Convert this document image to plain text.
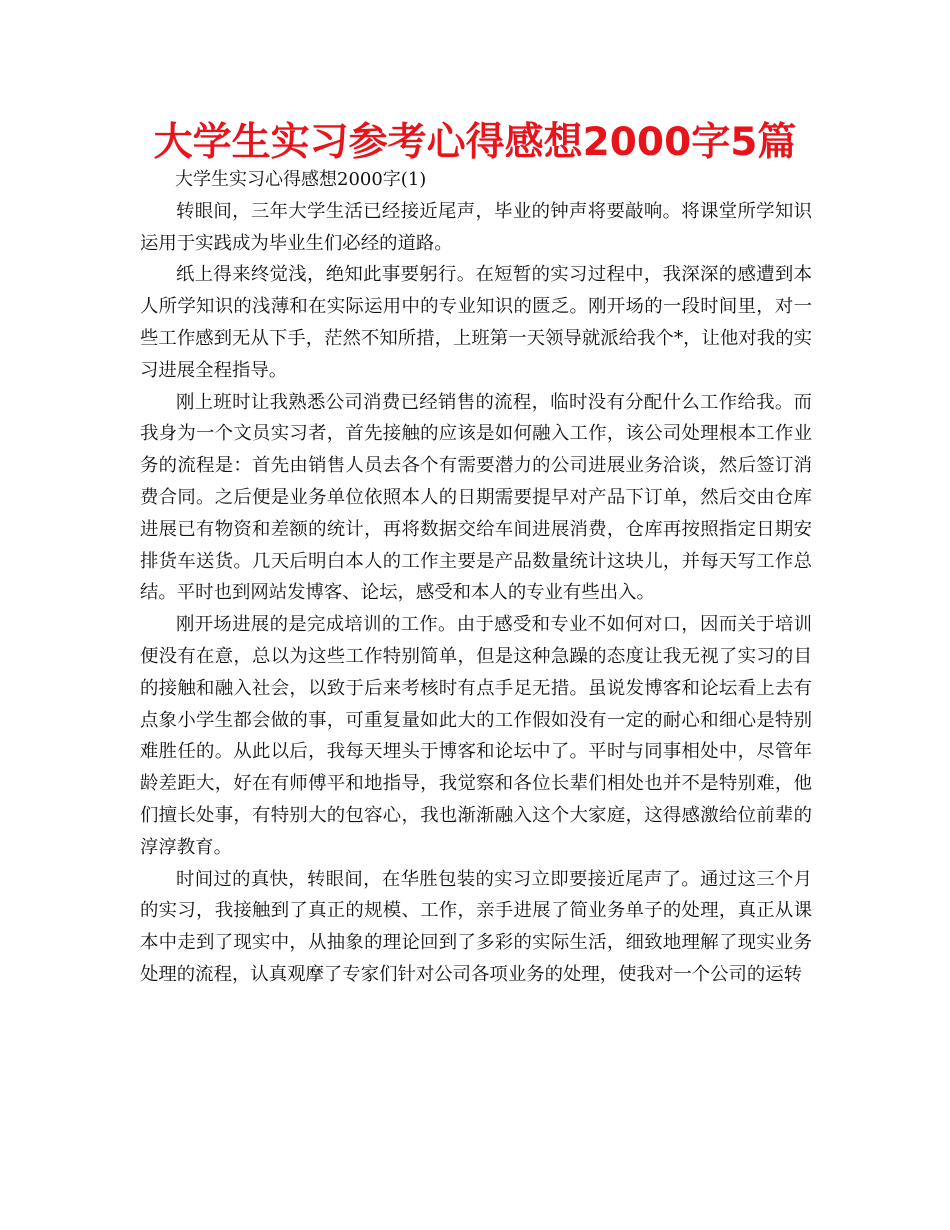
大学生实习参考心得感想2000字5篇

大学生实习心得感想2000字(1)

转眼间，三年大学生活已经接近尾声，毕业的钟声将要敲响。将课堂所学知识运用于实践成为毕业生们必经的道路。

纸上得来终觉浅，绝知此事要躬行。在短暂的实习过程中，我深深的感遭到本人所学知识的浅薄和在实际运用中的专业知识的匮乏。刚开场的一段时间里，对一些工作感到无从下手，茫然不知所措，上班第一天领导就派给我个*，让他对我的实习进展全程指导。

刚上班时让我熟悉公司消费已经销售的流程，临时没有分配什么工作给我。而我身为一个文员实习者，首先接触的应该是如何融入工作，该公司处理根本工作业务的流程是：首先由销售人员去各个有需要潜力的公司进展业务洽谈，然后签订消费合同。之后便是业务单位依照本人的日期需要提早对产品下订单，然后交由仓库进展已有物资和差额的统计，再将数据交给车间进展消费，仓库再按照指定日期安排货车送货。几天后明白本人的工作主要是产品数量统计这块儿，并每天写工作总结。平时也到网站发博客、论坛，感受和本人的专业有些出入。

刚开场进展的是完成培训的工作。由于感受和专业不如何对口，因而关于培训便没有在意，总以为这些工作特别简单，但是这种急躁的态度让我无视了实习的目的接触和融入社会，以致于后来考核时有点手足无措。虽说发博客和论坛看上去有点象小学生都会做的事，可重复量如此大的工作假如没有一定的耐心和细心是特别难胜任的。从此以后，我每天埋头于博客和论坛中了。平时与同事相处中，尽管年龄差距大，好在有师傅平和地指导，我觉察和各位长辈们相处也并不是特别难，他们擅长处事，有特别大的包容心，我也渐渐融入这个大家庭，这得感激给位前辈的淳淳教育。

时间过的真快，转眼间，在华胜包装的实习立即要接近尾声了。通过这三个月的实习，我接触到了真正的规模、工作，亲手进展了简业务单子的处理，真正从课本中走到了现实中，从抽象的理论回到了多彩的实际生活，细致地理解了现实业务处理的流程，认真观摩了专家们针对公司各项业务的处理，使我对一个公司的运转
